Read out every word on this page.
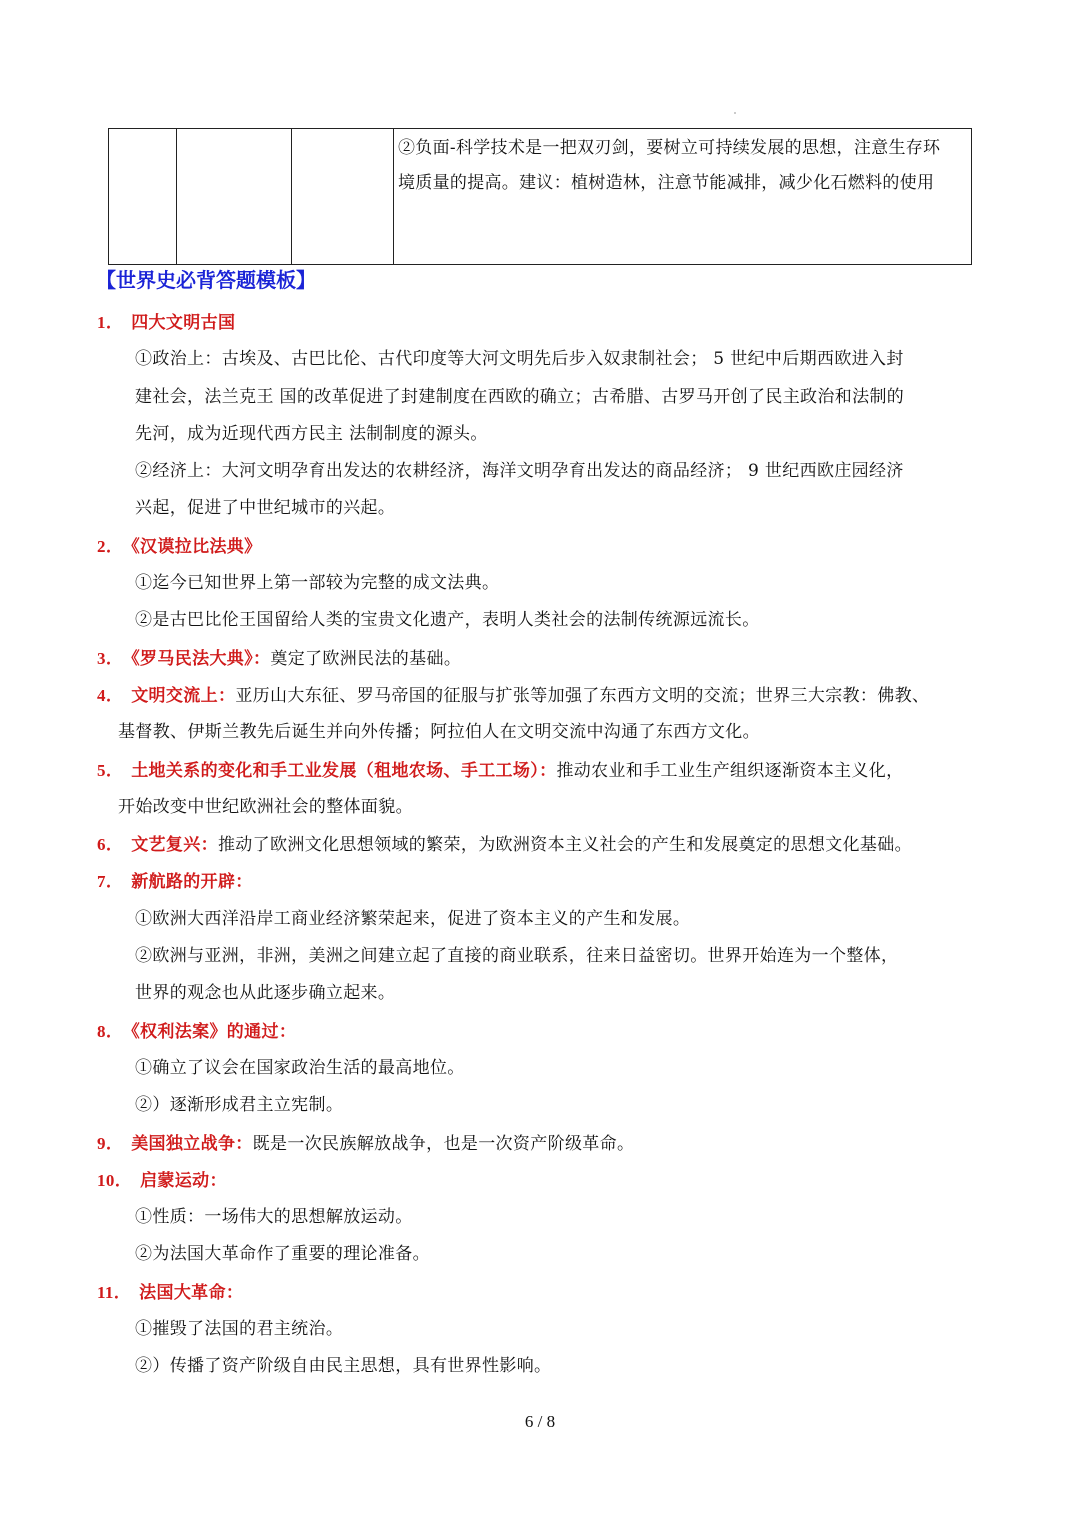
②负面-科学技术是一把双刃剑，要树立可持续发展的思想，注意生存环
境质量的提高。建议：植树造林，注意节能减排，减少化石燃料的使用
【世界史必背答题模板】
1． 四大文明古国
①政治上：古埃及、古巴比伦、古代印度等大河文明先后步入奴隶制社会； 5 世纪中后期西欧进入封
建社会，法兰克王 国的改革促进了封建制度在西欧的确立；古希腊、古罗马开创了民主政治和法制的
先河，成为近现代西方民主 法制制度的源头。
②经济上：大河文明孕育出发达的农耕经济，海洋文明孕育出发达的商品经济； 9 世纪西欧庄园经济
兴起，促进了中世纪城市的兴起。
2． 《汉谟拉比法典》
①迄今已知世界上第一部较为完整的成文法典。
②是古巴比伦王国留给人类的宝贵文化遗产，表明人类社会的法制传统源远流长。
3． 《罗马民法大典》：奠定了欧洲民法的基础。
4． 文明交流上：亚历山大东征、罗马帝国的征服与扩张等加强了东西方文明的交流；世界三大宗教：佛教、
基督教、伊斯兰教先后诞生并向外传播；阿拉伯人在文明交流中沟通了东西方文化。
5． 土地关系的变化和手工业发展（租地农场、手工工场）：推动农业和手工业生产组织逐渐资本主义化，
开始改变中世纪欧洲社会的整体面貌。
6． 文艺复兴：推动了欧洲文化思想领域的繁荣，为欧洲资本主义社会的产生和发展奠定的思想文化基础。
7． 新航路的开辟：
①欧洲大西洋沿岸工商业经济繁荣起来，促进了资本主义的产生和发展。
②欧洲与亚洲，非洲，美洲之间建立起了直接的商业联系，往来日益密切。世界开始连为一个整体，
世界的观念也从此逐步确立起来。
8． 《权利法案》的通过：
①确立了议会在国家政治生活的最高地位。
②）逐渐形成君主立宪制。
9． 美国独立战争：既是一次民族解放战争，也是一次资产阶级革命。
10． 启蒙运动：
①性质：一场伟大的思想解放运动。
②为法国大革命作了重要的理论准备。
11． 法国大革命：
①摧毁了法国的君主统治。
②）传播了资产阶级自由民主思想，具有世界性影响。
6 / 8
